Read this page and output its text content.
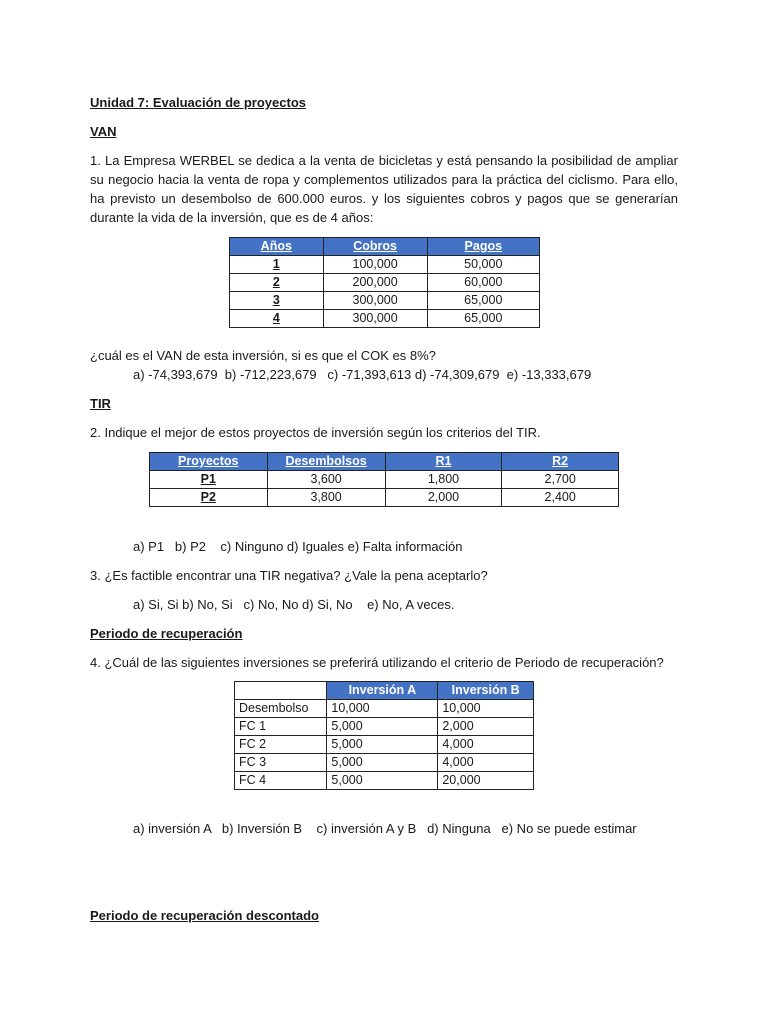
Unidad 7: Evaluación de proyectos
VAN
1. La Empresa WERBEL se dedica a la venta de bicicletas y está pensando la posibilidad de ampliar su negocio hacia la venta de ropa y complementos utilizados para la práctica del ciclismo. Para ello, ha previsto un desembolso de 600.000 euros. y los siguientes cobros y pagos que se generarían durante la vida de la inversión, que es de 4 años:
Años	Cobros	Pagos
1	100,000	50,000
2	200,000	60,000
3	300,000	65,000
4	300,000	65,000
¿cuál es el VAN de esta inversión, si es que el COK es 8%?
a) -74,393,679  b) -712,223,679   c) -71,393,613 d) -74,309,679  e) -13,333,679
TIR
2. Indique el mejor de estos proyectos de inversión según los criterios del TIR.
Proyectos	Desembolsos	R1	R2
P1	3,600	1,800	2,700
P2	3,800	2,000	2,400
a) P1   b) P2    c) Ninguno d) Iguales e) Falta información
3. ¿Es factible encontrar una TIR negativa? ¿Vale la pena aceptarlo?
a) Si, Si b) No, Si   c) No, No d) Si, No    e) No, A veces.
Periodo de recuperación
4. ¿Cuál de las siguientes inversiones se preferirá utilizando el criterio de Periodo de recuperación?
	Inversión A	Inversión B
Desembolso	10,000	10,000
FC 1	5,000	2,000
FC 2	5,000	4,000
FC 3	5,000	4,000
FC 4	5,000	20,000
a) inversión A   b) Inversión B    c) inversión A y B   d) Ninguna   e) No se puede estimar
Periodo de recuperación descontado
